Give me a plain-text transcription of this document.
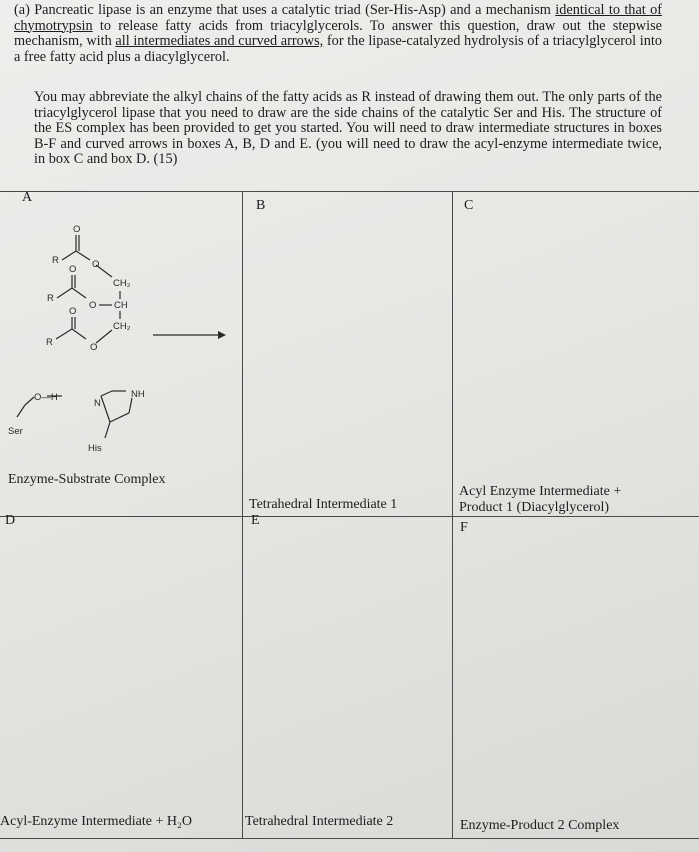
(a) Pancreatic lipase is an enzyme that uses a catalytic triad (Ser-His-Asp) and a mechanism identical to that of chymotrypsin to release fatty acids from triacylglycerols. To answer this question, draw out the stepwise mechanism, with all intermediates and curved arrows, for the lipase-catalyzed hydrolysis of a triacylglycerol into a free fatty acid plus a diacylglycerol.
You may abbreviate the alkyl chains of the fatty acids as R instead of drawing them out. The only parts of the triacylglycerol lipase that you need to draw are the side chains of the catalytic Ser and His. The structure of the ES complex has been provided to get you started. You will need to draw intermediate structures in boxes B-F and curved arrows in boxes A, B, D and E. (you will need to draw the acyl-enzyme intermediate twice, in box C and box D. (15)
A
B	C
D	E	F
Enzyme-Substrate Complex
Tetrahedral Intermediate 1
Acyl Enzyme Intermediate +
Product 1 (Diacylglycerol)
Acyl-Enzyme Intermediate + H₂O	Tetrahedral Intermediate 2	Enzyme-Product 2 Complex
O
R	O
CH₂
O
R
O CH
O
CH₂
R	O
O—H
N
NH
Ser
His
